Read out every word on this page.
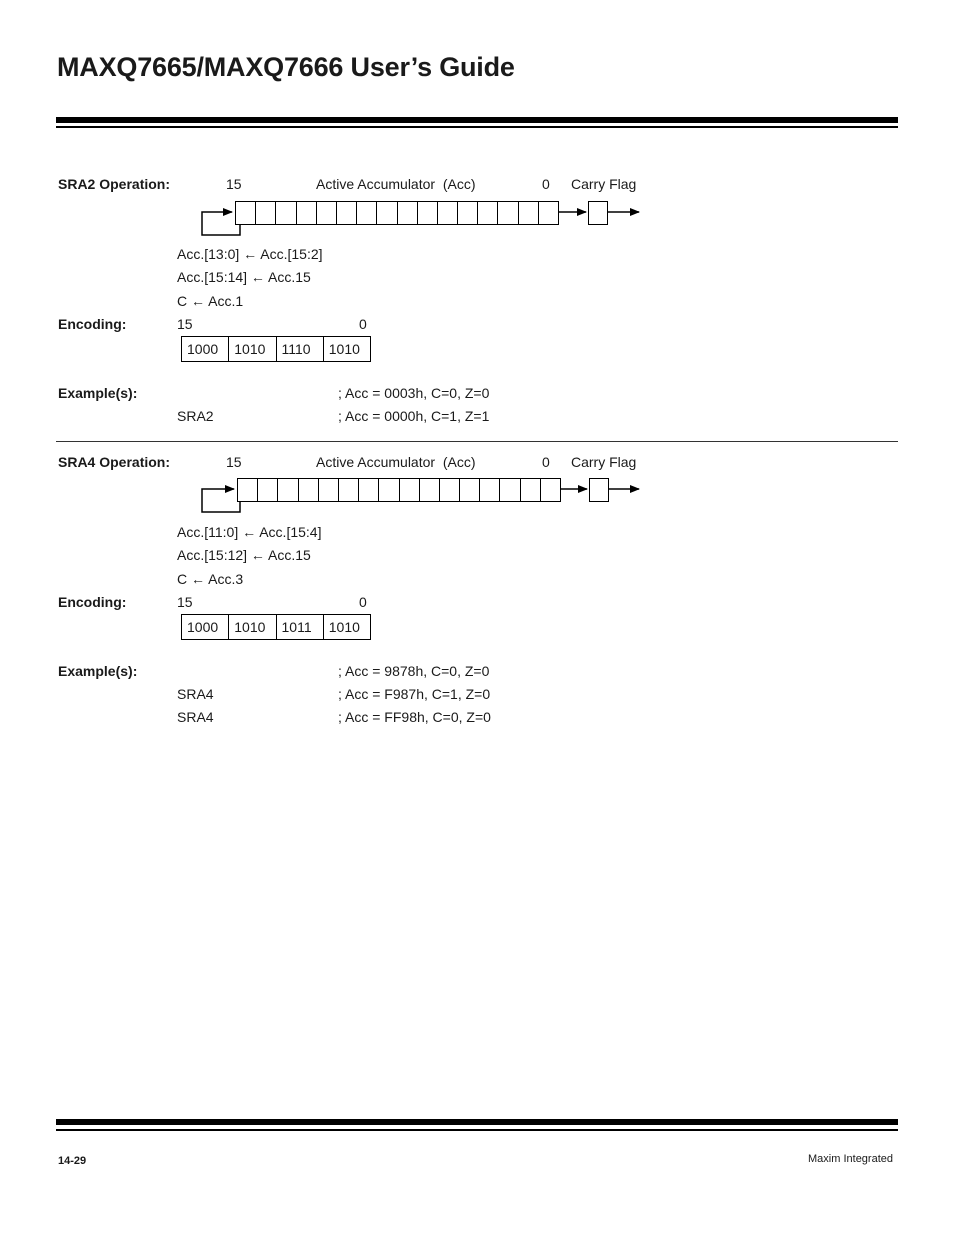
MAXQ7665/MAXQ7666 User’s Guide
SRA2 Operation:	15	Active Accumulator  (Acc)	0 Carry Flag
Acc.[13:0] ← Acc.[15:2]
Acc.[15:14] ← Acc.15
C ← Acc.1
Encoding:	15	0
1000	1010	1110	1010
Example(s):	; Acc = 0003h, C=0, Z=0
SRA2	; Acc = 0000h, C=1, Z=1
SRA4 Operation:	15	Active Accumulator  (Acc)	0 Carry Flag
Acc.[11:0] ← Acc.[15:4]
Acc.[15:12] ← Acc.15
C ← Acc.3
Encoding:	15	0
1000	1010	1011	1010
Example(s):	; Acc = 9878h, C=0, Z=0
SRA4	; Acc = F987h, C=1, Z=0
SRA4	; Acc = FF98h, C=0, Z=0
14-29	Maxim Integrated
